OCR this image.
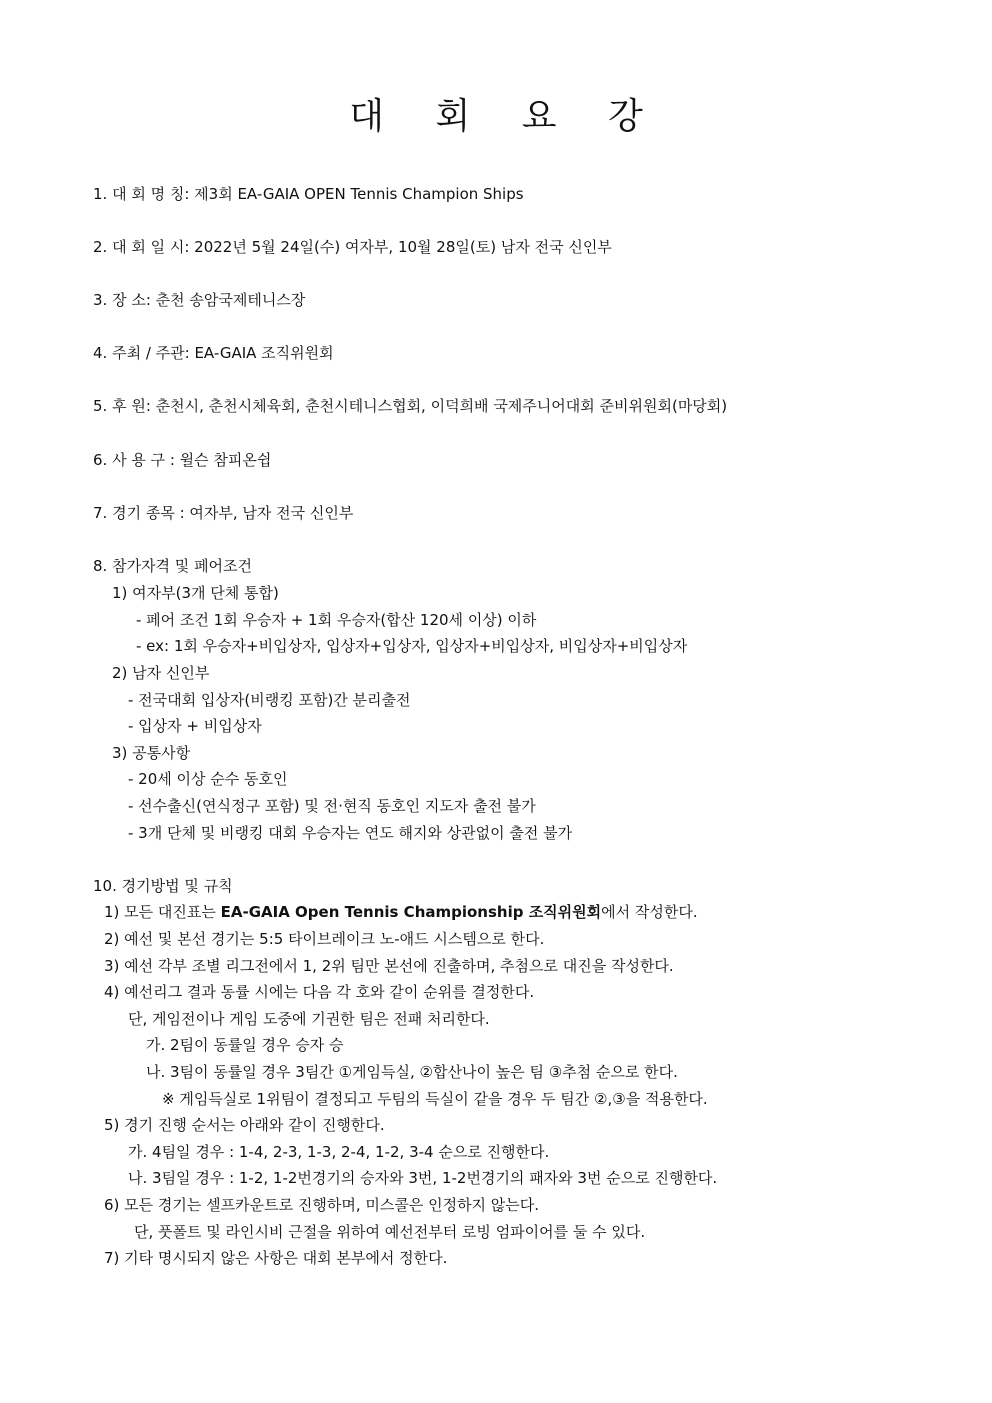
대 회 요 강
1. 대 회 명 칭: 제3회 EA-GAIA OPEN Tennis Champion Ships
2. 대 회 일 시: 2022년 5월 24일(수) 여자부, 10월 28일(토) 남자 전국 신인부
3. 장 소: 춘천 송암국제테니스장
4. 주최 / 주관: EA-GAIA 조직위원회
5. 후 원: 춘천시, 춘천시체육회, 춘천시테니스협회, 이덕희배 국제주니어대회 준비위원회(마당회)
6. 사 용 구 : 윌슨 참피온쉽
7. 경기 종목 : 여자부, 남자 전국 신인부
8. 참가자격 및 페어조건
1) 여자부(3개 단체 통합)
- 페어 조건 1회 우승자 + 1회 우승자(합산 120세 이상) 이하
- ex: 1회 우승자+비입상자, 입상자+입상자, 입상자+비입상자, 비입상자+비입상자
2) 남자 신인부
- 전국대회 입상자(비랭킹 포함)간 분리출전
- 입상자 + 비입상자
3) 공통사항
- 20세 이상 순수 동호인
- 선수출신(연식정구 포함) 및 전·현직 동호인 지도자 출전 불가
- 3개 단체 및 비랭킹 대회 우승자는 연도 해지와 상관없이 출전 불가
10. 경기방법 및 규칙
1) 모든 대진표는 EA-GAIA Open Tennis Championship 조직위원회에서 작성한다.
2) 예선 및 본선 경기는 5:5 타이브레이크 노-애드 시스템으로 한다.
3) 예선 각부 조별 리그전에서 1, 2위 팀만 본선에 진출하며, 추첨으로 대진을 작성한다.
4) 예선리그 결과 동률 시에는 다음 각 호와 같이 순위를 결정한다.
단, 게임전이나 게임 도중에 기권한 팀은 전패 처리한다.
가. 2팀이 동률일 경우 승자 승
나. 3팀이 동률일 경우 3팀간 ①게임득실, ②합산나이 높은 팀 ③추첨 순으로 한다.
※ 게임득실로 1위팀이 결정되고 두팀의 득실이 같을 경우 두 팀간 ②,③을 적용한다.
5) 경기 진행 순서는 아래와 같이 진행한다.
가. 4팀일 경우 : 1-4, 2-3, 1-3, 2-4, 1-2, 3-4 순으로 진행한다.
나. 3팀일 경우 : 1-2, 1-2번경기의 승자와 3번, 1-2번경기의 패자와 3번 순으로 진행한다.
6) 모든 경기는 셀프카운트로 진행하며, 미스콜은 인정하지 않는다.
단, 풋폴트 및 라인시비 근절을 위하여 예선전부터 로빙 엄파이어를 둘 수 있다.
7) 기타 명시되지 않은 사항은 대회 본부에서 정한다.
